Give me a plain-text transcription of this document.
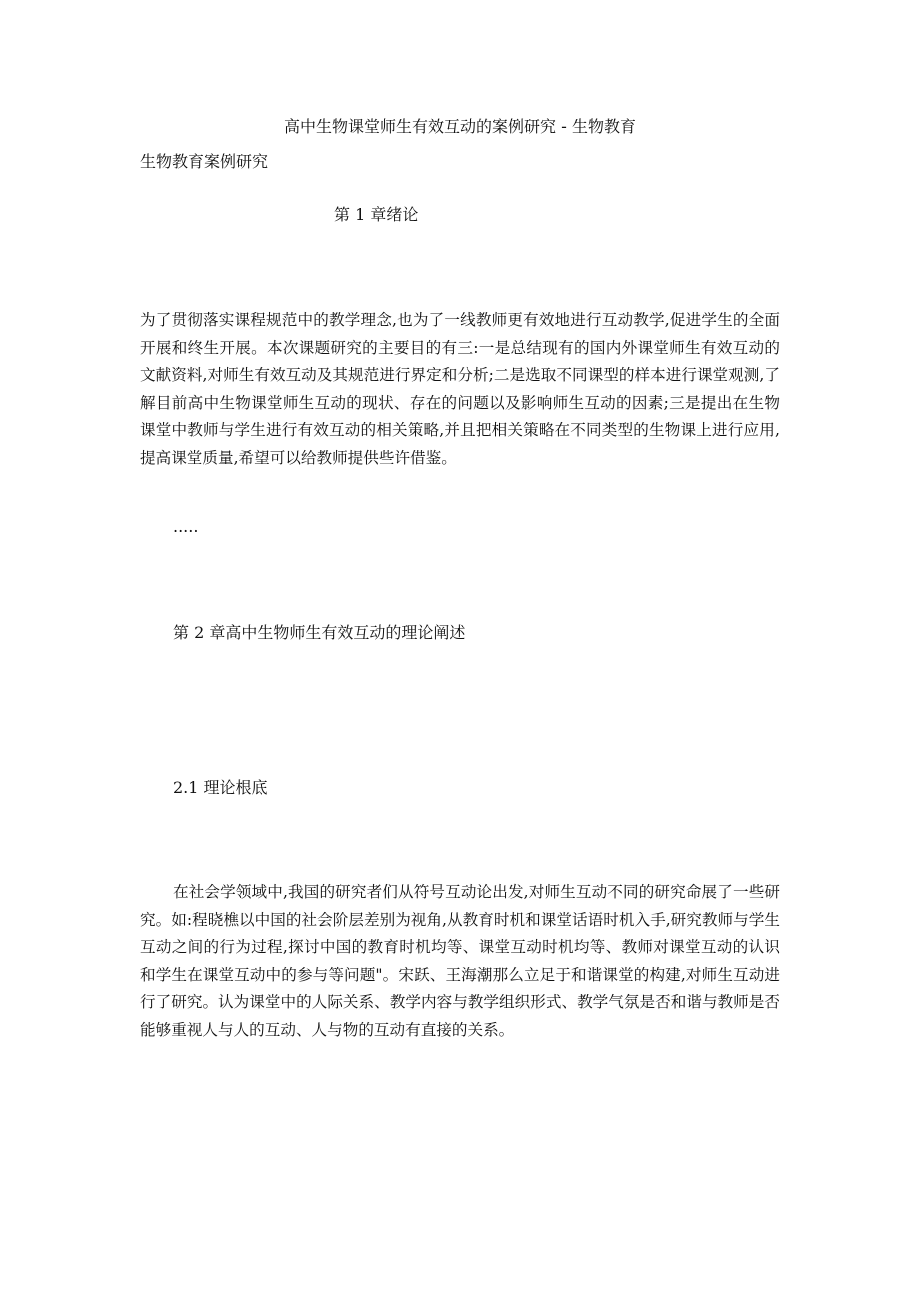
高中生物课堂师生有效互动的案例研究 - 生物教育
生物教育案例研究
第 1 章绪论
为了贯彻落实课程规范中的教学理念,也为了一线教师更有效地进行互动教学,促进学生的全面开展和终生开展。本次课题研究的主要目的有三:一是总结现有的国内外课堂师生有效互动的文献资料,对师生有效互动及其规范进行界定和分析;二是选取不同课型的样本进行课堂观测,了解目前高中生物课堂师生互动的现状、存在的问题以及影响师生互动的因素;三是提出在生物课堂中教师与学生进行有效互动的相关策略,并且把相关策略在不同类型的生物课上进行应用,提高课堂质量,希望可以给教师提供些许借鉴。
.....
第 2 章高中生物师生有效互动的理论阐述
2.1 理论根底
在社会学领域中,我国的研究者们从符号互动论出发,对师生互动不同的研究命展了一些研究。如:程晓樵以中国的社会阶层差别为视角,从教育时机和课堂话语时机入手,研究教师与学生互动之间的行为过程,探讨中国的教育时机均等、课堂互动时机均等、教师对课堂互动的认识和学生在课堂互动中的参与等问题"。宋跃、王海潮那么立足于和谐课堂的构建,对师生互动进行了研究。认为课堂中的人际关系、教学内容与教学组织形式、教学气氛是否和谐与教师是否能够重视人与人的互动、人与物的互动有直接的关系。
